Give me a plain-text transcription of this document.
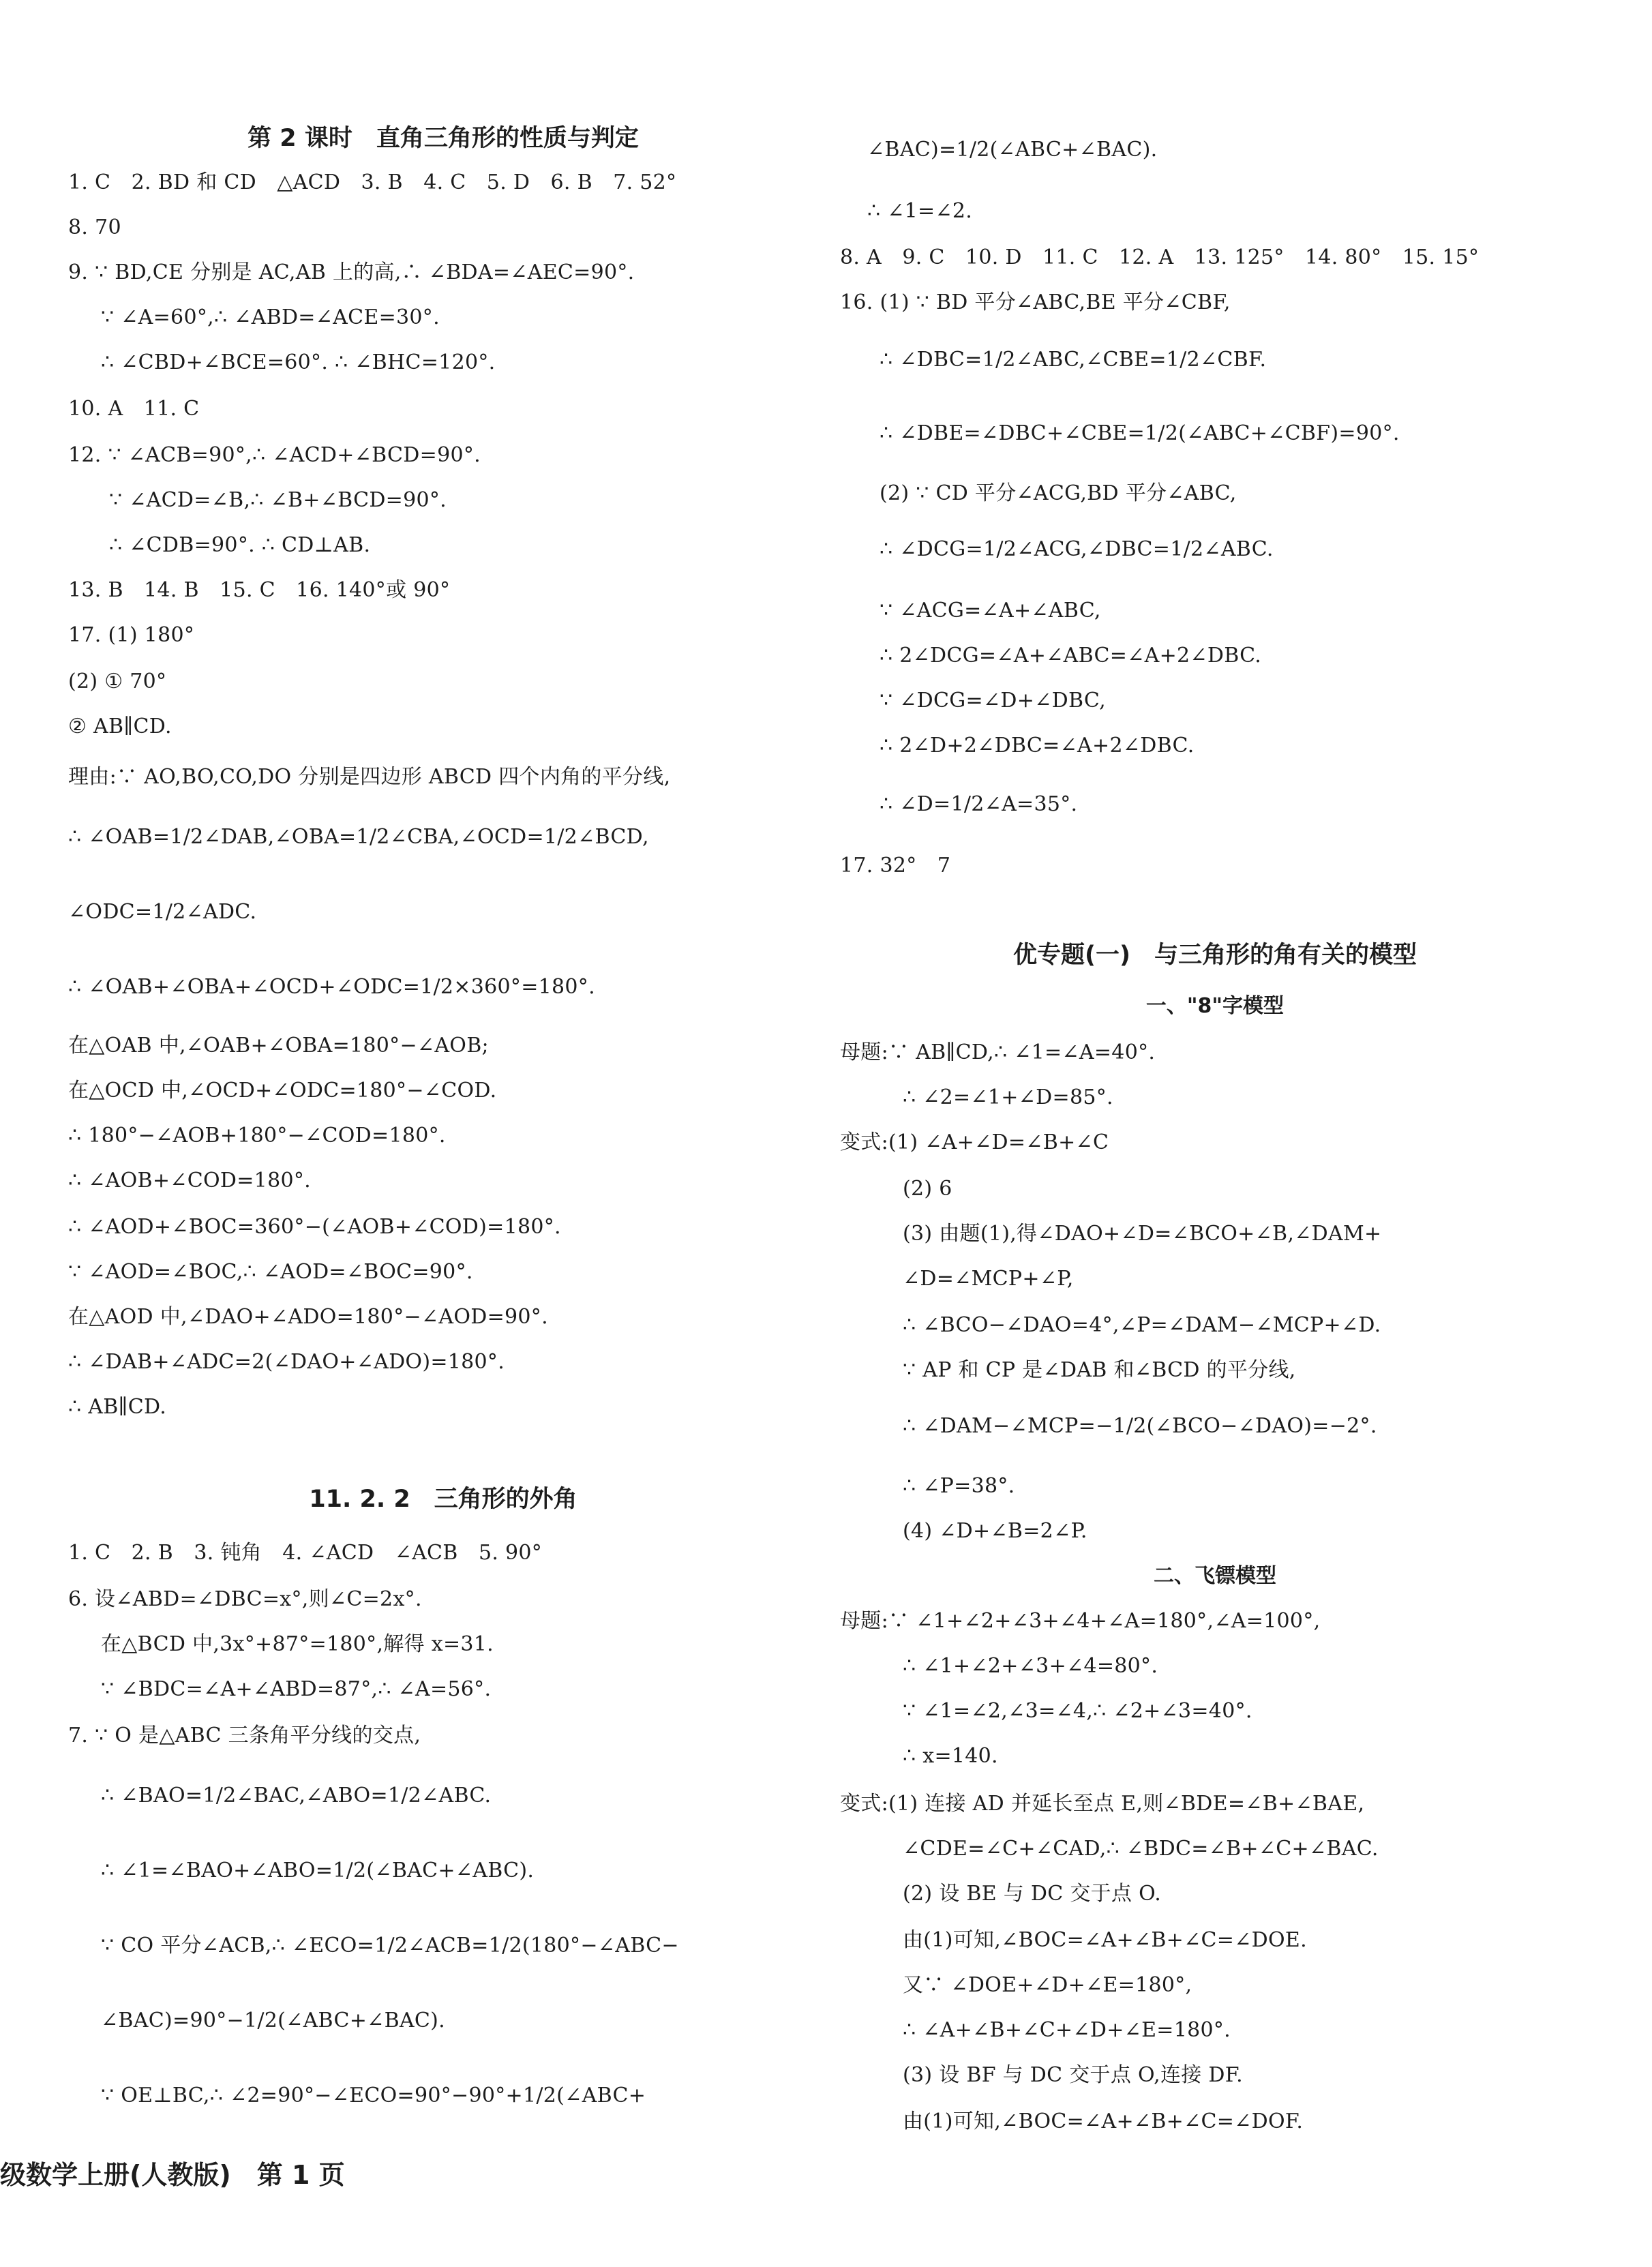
第 2 课时　直角三角形的性质与判定
1. C　2. BD 和 CD　△ACD　3. B　4. C　5. D　6. B　7. 52°
8. 70
9. ∵ BD,CE 分别是 AC,AB 上的高,∴ ∠BDA=∠AEC=90°.
∵ ∠A=60°,∴ ∠ABD=∠ACE=30°.
∴ ∠CBD+∠BCE=60°. ∴ ∠BHC=120°.
10. A　11. C
12. ∵ ∠ACB=90°,∴ ∠ACD+∠BCD=90°.
∵ ∠ACD=∠B,∴ ∠B+∠BCD=90°.
∴ ∠CDB=90°. ∴ CD⊥AB.
13. B　14. B　15. C　16. 140°或 90°
17. (1) 180°
(2) ① 70°
② AB∥CD.
理由:∵ AO,BO,CO,DO 分别是四边形 ABCD 四个内角的平分线,
∴ ∠OAB=1/2∠DAB,∠OBA=1/2∠CBA,∠OCD=1/2∠BCD,
∠ODC=1/2∠ADC.
∴ ∠OAB+∠OBA+∠OCD+∠ODC=1/2×360°=180°.
在△OAB 中,∠OAB+∠OBA=180°−∠AOB;
在△OCD 中,∠OCD+∠ODC=180°−∠COD.
∴ 180°−∠AOB+180°−∠COD=180°.
∴ ∠AOB+∠COD=180°.
∴ ∠AOD+∠BOC=360°−(∠AOB+∠COD)=180°.
∵ ∠AOD=∠BOC,∴ ∠AOD=∠BOC=90°.
在△AOD 中,∠DAO+∠ADO=180°−∠AOD=90°.
∴ ∠DAB+∠ADC=2(∠DAO+∠ADO)=180°.
∴ AB∥CD.
11. 2. 2　三角形的外角
1. C　2. B　3. 钝角　4. ∠ACD　∠ACB　5. 90°
6. 设∠ABD=∠DBC=x°,则∠C=2x°.
在△BCD 中,3x°+87°=180°,解得 x=31.
∵ ∠BDC=∠A+∠ABD=87°,∴ ∠A=56°.
7. ∵ O 是△ABC 三条角平分线的交点,
∴ ∠BAO=1/2∠BAC,∠ABO=1/2∠ABC.
∴ ∠1=∠BAO+∠ABO=1/2(∠BAC+∠ABC).
∵ CO 平分∠ACB,∴ ∠ECO=1/2∠ACB=1/2(180°−∠ABC−
∠BAC)=90°−1/2(∠ABC+∠BAC).
∵ OE⊥BC,∴ ∠2=90°−∠ECO=90°−90°+1/2(∠ABC+
∠BAC)=1/2(∠ABC+∠BAC).
∴ ∠1=∠2.
8. A　9. C　10. D　11. C　12. A　13. 125°　14. 80°　15. 15°
16. (1) ∵ BD 平分∠ABC,BE 平分∠CBF,
∴ ∠DBC=1/2∠ABC,∠CBE=1/2∠CBF.
∴ ∠DBE=∠DBC+∠CBE=1/2(∠ABC+∠CBF)=90°.
(2) ∵ CD 平分∠ACG,BD 平分∠ABC,
∴ ∠DCG=1/2∠ACG,∠DBC=1/2∠ABC.
∵ ∠ACG=∠A+∠ABC,
∴ 2∠DCG=∠A+∠ABC=∠A+2∠DBC.
∵ ∠DCG=∠D+∠DBC,
∴ 2∠D+2∠DBC=∠A+2∠DBC.
∴ ∠D=1/2∠A=35°.
17. 32°　7
优专题(一)　与三角形的角有关的模型
一、"8"字模型
母题:∵ AB∥CD,∴ ∠1=∠A=40°.
∴ ∠2=∠1+∠D=85°.
变式:(1) ∠A+∠D=∠B+∠C
(2) 6
(3) 由题(1),得∠DAO+∠D=∠BCO+∠B,∠DAM+
∠D=∠MCP+∠P,
∴ ∠BCO−∠DAO=4°,∠P=∠DAM−∠MCP+∠D.
∵ AP 和 CP 是∠DAB 和∠BCD 的平分线,
∴ ∠DAM−∠MCP=−1/2(∠BCO−∠DAO)=−2°.
∴ ∠P=38°.
(4) ∠D+∠B=2∠P.
二、飞镖模型
母题:∵ ∠1+∠2+∠3+∠4+∠A=180°,∠A=100°,
∴ ∠1+∠2+∠3+∠4=80°.
∵ ∠1=∠2,∠3=∠4,∴ ∠2+∠3=40°.
∴ x=140.
变式:(1) 连接 AD 并延长至点 E,则∠BDE=∠B+∠BAE,
∠CDE=∠C+∠CAD,∴ ∠BDC=∠B+∠C+∠BAC.
(2) 设 BE 与 DC 交于点 O.
由(1)可知,∠BOC=∠A+∠B+∠C=∠DOE.
又∵ ∠DOE+∠D+∠E=180°,
∴ ∠A+∠B+∠C+∠D+∠E=180°.
(3) 设 BF 与 DC 交于点 O,连接 DF.
由(1)可知,∠BOC=∠A+∠B+∠C=∠DOF.
级数学上册(人教版)　第 1 页
